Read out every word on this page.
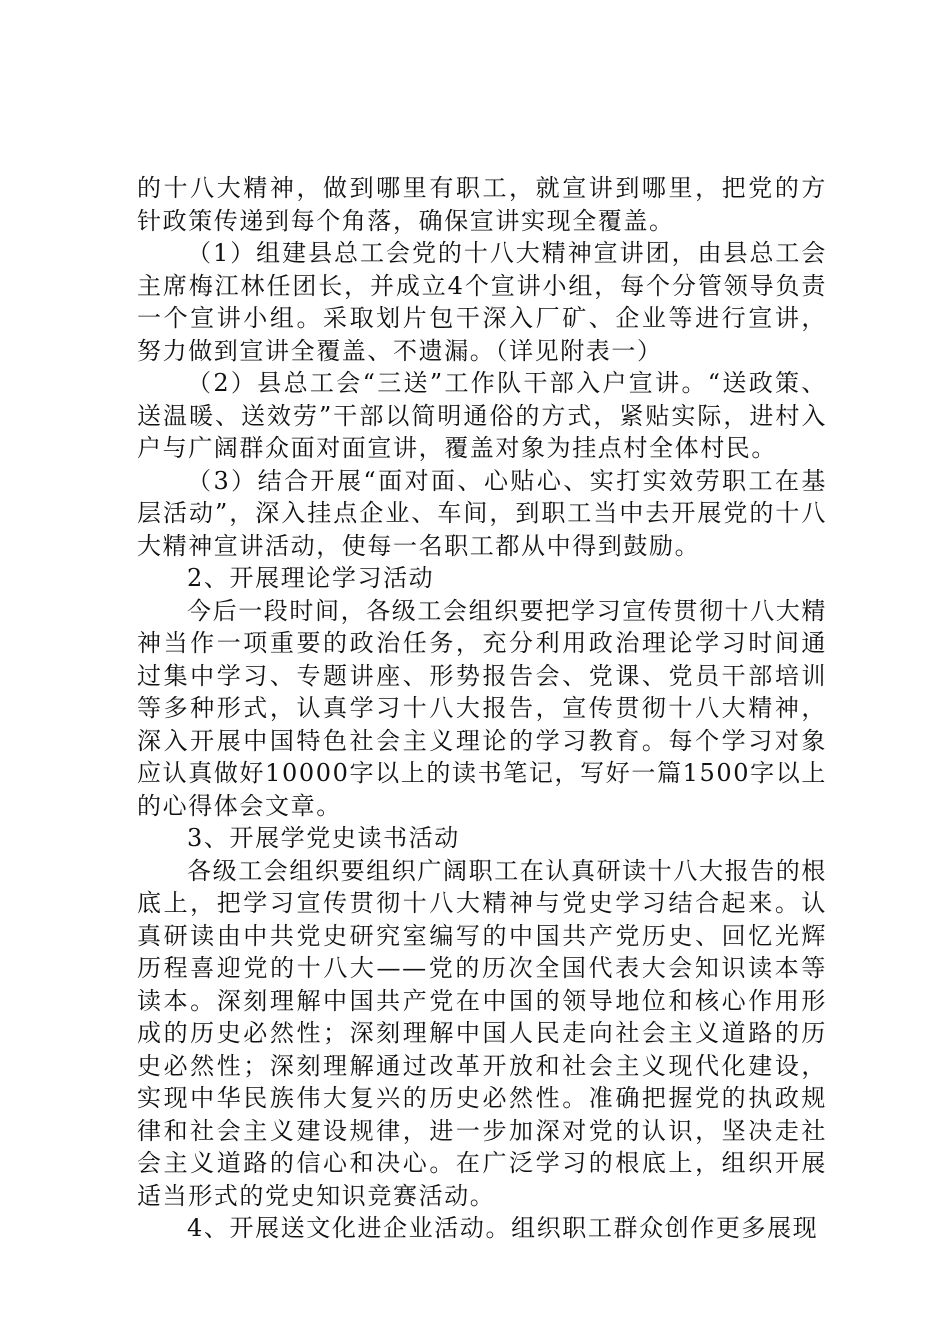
的十八大精神，做到哪里有职工，就宣讲到哪里，把党的方针政策传递到每个角落，确保宣讲实现全覆盖。

（1）组建县总工会党的十八大精神宣讲团，由县总工会主席梅江林任团长，并成立4个宣讲小组，每个分管领导负责一个宣讲小组。采取划片包干深入厂矿、企业等进行宣讲，努力做到宣讲全覆盖、不遗漏。（详见附表一）

（2）县总工会“三送”工作队干部入户宣讲。“送政策、送温暖、送效劳”干部以简明通俗的方式，紧贴实际，进村入户与广阔群众面对面宣讲，覆盖对象为挂点村全体村民。

（3）结合开展“面对面、心贴心、实打实效劳职工在基层活动”，深入挂点企业、车间，到职工当中去开展党的十八大精神宣讲活动，使每一名职工都从中得到鼓励。

2、开展理论学习活动

今后一段时间，各级工会组织要把学习宣传贯彻十八大精神当作一项重要的政治任务，充分利用政治理论学习时间通过集中学习、专题讲座、形势报告会、党课、党员干部培训等多种形式，认真学习十八大报告，宣传贯彻十八大精神，深入开展中国特色社会主义理论的学习教育。每个学习对象应认真做好10000字以上的读书笔记，写好一篇1500字以上的心得体会文章。

3、开展学党史读书活动

各级工会组织要组织广阔职工在认真研读十八大报告的根底上，把学习宣传贯彻十八大精神与党史学习结合起来。认真研读由中共党史研究室编写的中国共产党历史、回忆光辉历程喜迎党的十八大——党的历次全国代表大会知识读本等读本。深刻理解中国共产党在中国的领导地位和核心作用形成的历史必然性；深刻理解中国人民走向社会主义道路的历史必然性；深刻理解通过改革开放和社会主义现代化建设，实现中华民族伟大复兴的历史必然性。准确把握党的执政规律和社会主义建设规律，进一步加深对党的认识，坚决走社会主义道路的信心和决心。在广泛学习的根底上，组织开展适当形式的党史知识竞赛活动。

4、开展送文化进企业活动。组织职工群众创作更多展现
